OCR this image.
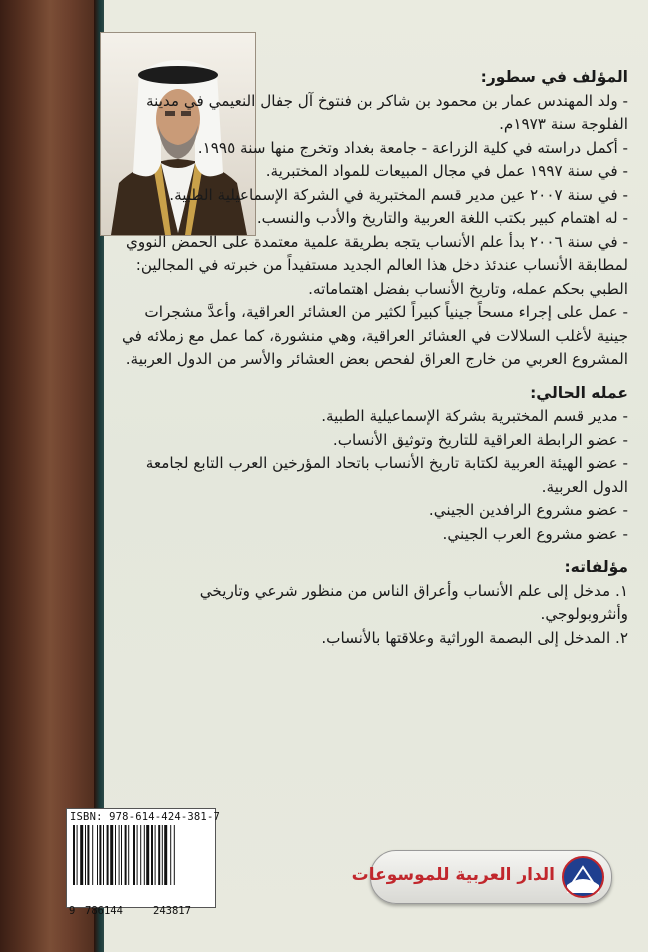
المؤلف في سطور:

- ولد المهندس عمار بن محمود بن شاكر بن فنتوخ آل جفال النعيمي في مدينة الفلوجة سنة ١٩٧٣م.

- أكمل دراسته في كلية الزراعة - جامعة بغداد وتخرج منها سنة ١٩٩٥.

- في سنة ١٩٩٧ عمل في مجال المبيعات للمواد المختبرية.

- في سنة ٢٠٠٧ عين مدير قسم المختبرية في الشركة الإسماعيلية الطبية.

- له اهتمام كبير بكتب اللغة العربية والتاريخ والأدب والنسب.

- في سنة ٢٠٠٦ بدأ علم الأنساب يتجه بطريقة علمية معتمدة على الحمض النووي لمطابقة الأنساب عندئذ دخل هذا العالم الجديد مستفيداً من خبرته في المجالين: الطبي بحكم عمله، وتاريخ الأنساب بفضل اهتماماته.

- عمل على إجراء مسحاً جينياً كبيراً لكثير من العشائر العراقية، وأعدَّ مشجرات جينية لأغلب السلالات في العشائر العراقية، وهي منشورة، كما عمل مع زملائه في المشروع العربي من خارج العراق لفحص بعض العشائر والأسر من الدول العربية.

عمله الحالي:

- مدير قسم المختبرية بشركة الإسماعيلية الطبية.

- عضو الرابطة العراقية للتاريخ وتوثيق الأنساب.

- عضو الهيئة العربية لكتابة تاريخ الأنساب باتحاد المؤرخين العرب التابع لجامعة الدول العربية.

- عضو مشروع الرافدين الجيني.

- عضو مشروع العرب الجيني.

مؤلفاته:

١. مدخل إلى علم الأنساب وأعراق الناس من منظور شرعي وتاريخي وأنثروبولوجي.

٢. المدخل إلى البصمة الوراثية وعلاقتها بالأنساب.

ISBN: 978-614-424-381-7
9 786144	243817
الدار العربية للموسوعات
